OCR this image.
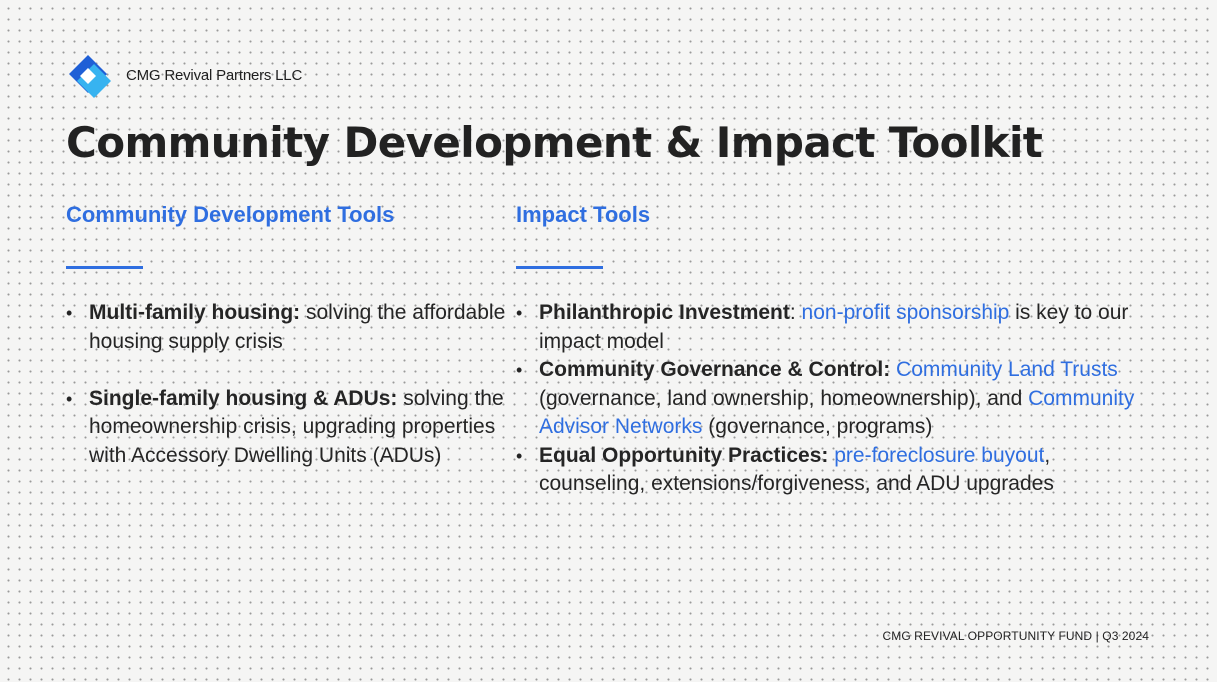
CMG Revival Partners LLC
Community Development & Impact Toolkit
Community Development Tools
• Multi-family housing: solving the affordable housing supply crisis
• Single-family housing & ADUs: solving the homeownership crisis, upgrading properties with Accessory Dwelling Units (ADUs)
Impact Tools
• Philanthropic Investment: non-profit sponsorship is key to our impact model
• Community Governance & Control: Community Land Trusts (governance, land ownership, homeownership), and Community Advisor Networks (governance, programs)
• Equal Opportunity Practices: pre-foreclosure buyout, counseling, extensions/forgiveness, and ADU upgrades
CMG REVIVAL OPPORTUNITY FUND | Q3 2024
